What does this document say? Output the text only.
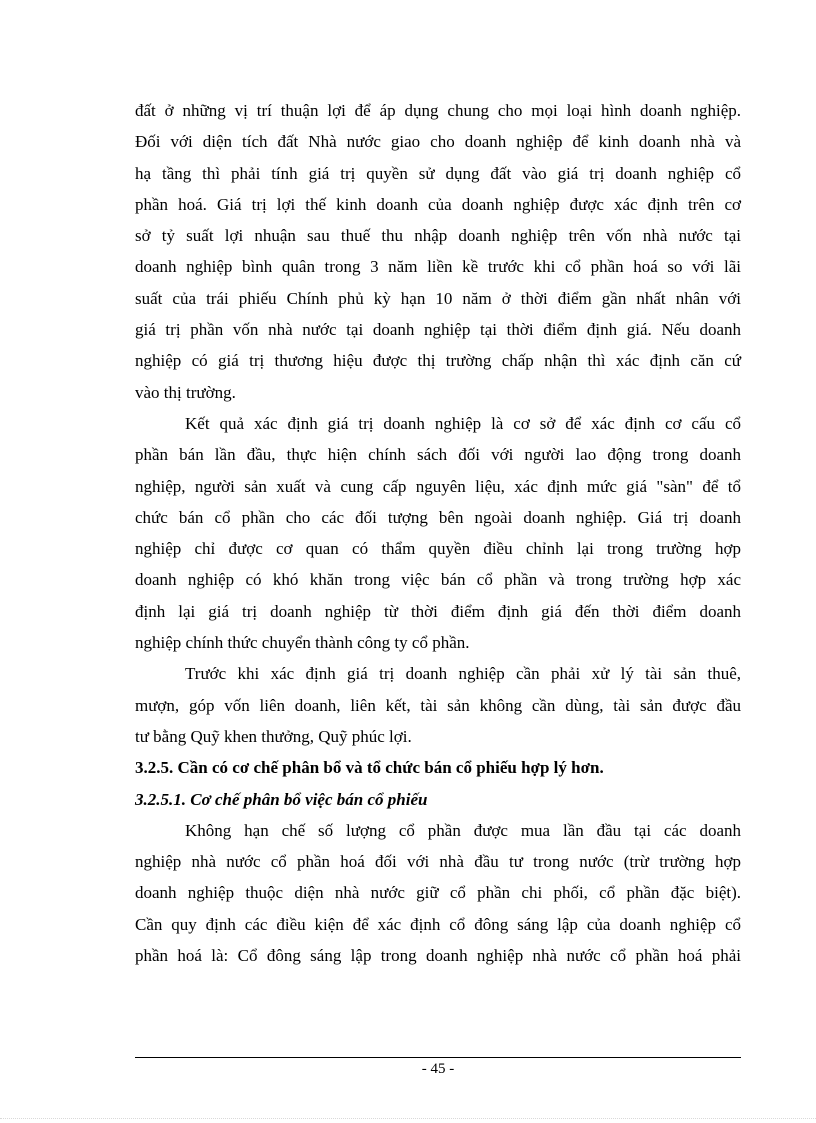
đất ở những vị trí thuận lợi để áp dụng chung cho mọi loại hình doanh nghiệp.
Đối với diện tích đất Nhà nước giao cho doanh nghiệp để kinh doanh nhà và
hạ tầng thì phải tính giá trị quyền sử dụng đất vào giá trị doanh nghiệp cổ
phần hoá. Giá trị lợi thế kinh doanh của doanh nghiệp được xác định trên cơ
sở tỷ suất lợi nhuận sau thuế thu nhập doanh nghiệp trên vốn nhà nước tại
doanh nghiệp bình quân trong 3 năm liền kề trước khi cổ phần hoá so với lãi
suất của trái phiếu Chính phủ kỳ hạn 10 năm ở thời điểm gần nhất nhân với
giá trị phần vốn nhà nước tại doanh nghiệp tại thời điểm định giá. Nếu doanh
nghiệp có giá trị thương hiệu được thị trường chấp nhận thì xác định căn cứ
vào thị trường.
Kết quả xác định giá trị doanh nghiệp là cơ sở để xác định cơ cấu cổ
phần bán lần đầu, thực hiện chính sách đối với người lao động trong doanh
nghiệp, người sản xuất và cung cấp nguyên liệu, xác định mức giá "sàn" để tổ
chức bán cổ phần cho các đối tượng bên ngoài doanh nghiệp. Giá trị doanh
nghiệp chỉ được cơ quan có thẩm quyền điều chỉnh lại trong trường hợp
doanh nghiệp có khó khăn trong việc bán cổ phần và trong trường hợp xác
định lại giá trị doanh nghiệp từ thời điểm định giá đến thời điểm doanh
nghiệp chính thức chuyển thành công ty cổ phần.
Trước khi xác định giá trị doanh nghiệp cần phải xử lý tài sản thuê,
mượn, góp vốn liên doanh, liên kết, tài sản không cần dùng, tài sản được đầu
tư bằng Quỹ khen thưởng, Quỹ phúc lợi.
3.2.5. Cần có cơ chế phân bổ và tổ chức bán cổ phiếu hợp lý hơn.
3.2.5.1. Cơ chế phân bổ việc bán cổ phiếu
Không hạn chế số lượng cổ phần được mua lần đầu tại các doanh
nghiệp nhà nước cổ phần hoá đối với nhà đầu tư trong nước (trừ trường hợp
doanh nghiệp thuộc diện nhà nước giữ cổ phần chi phối, cổ phần đặc biệt).
Cần quy định các điều kiện để xác định cổ đông sáng lập của doanh nghiệp cổ
phần hoá là: Cổ đông sáng lập trong doanh nghiệp nhà nước cổ phần hoá phải
- 45 -
